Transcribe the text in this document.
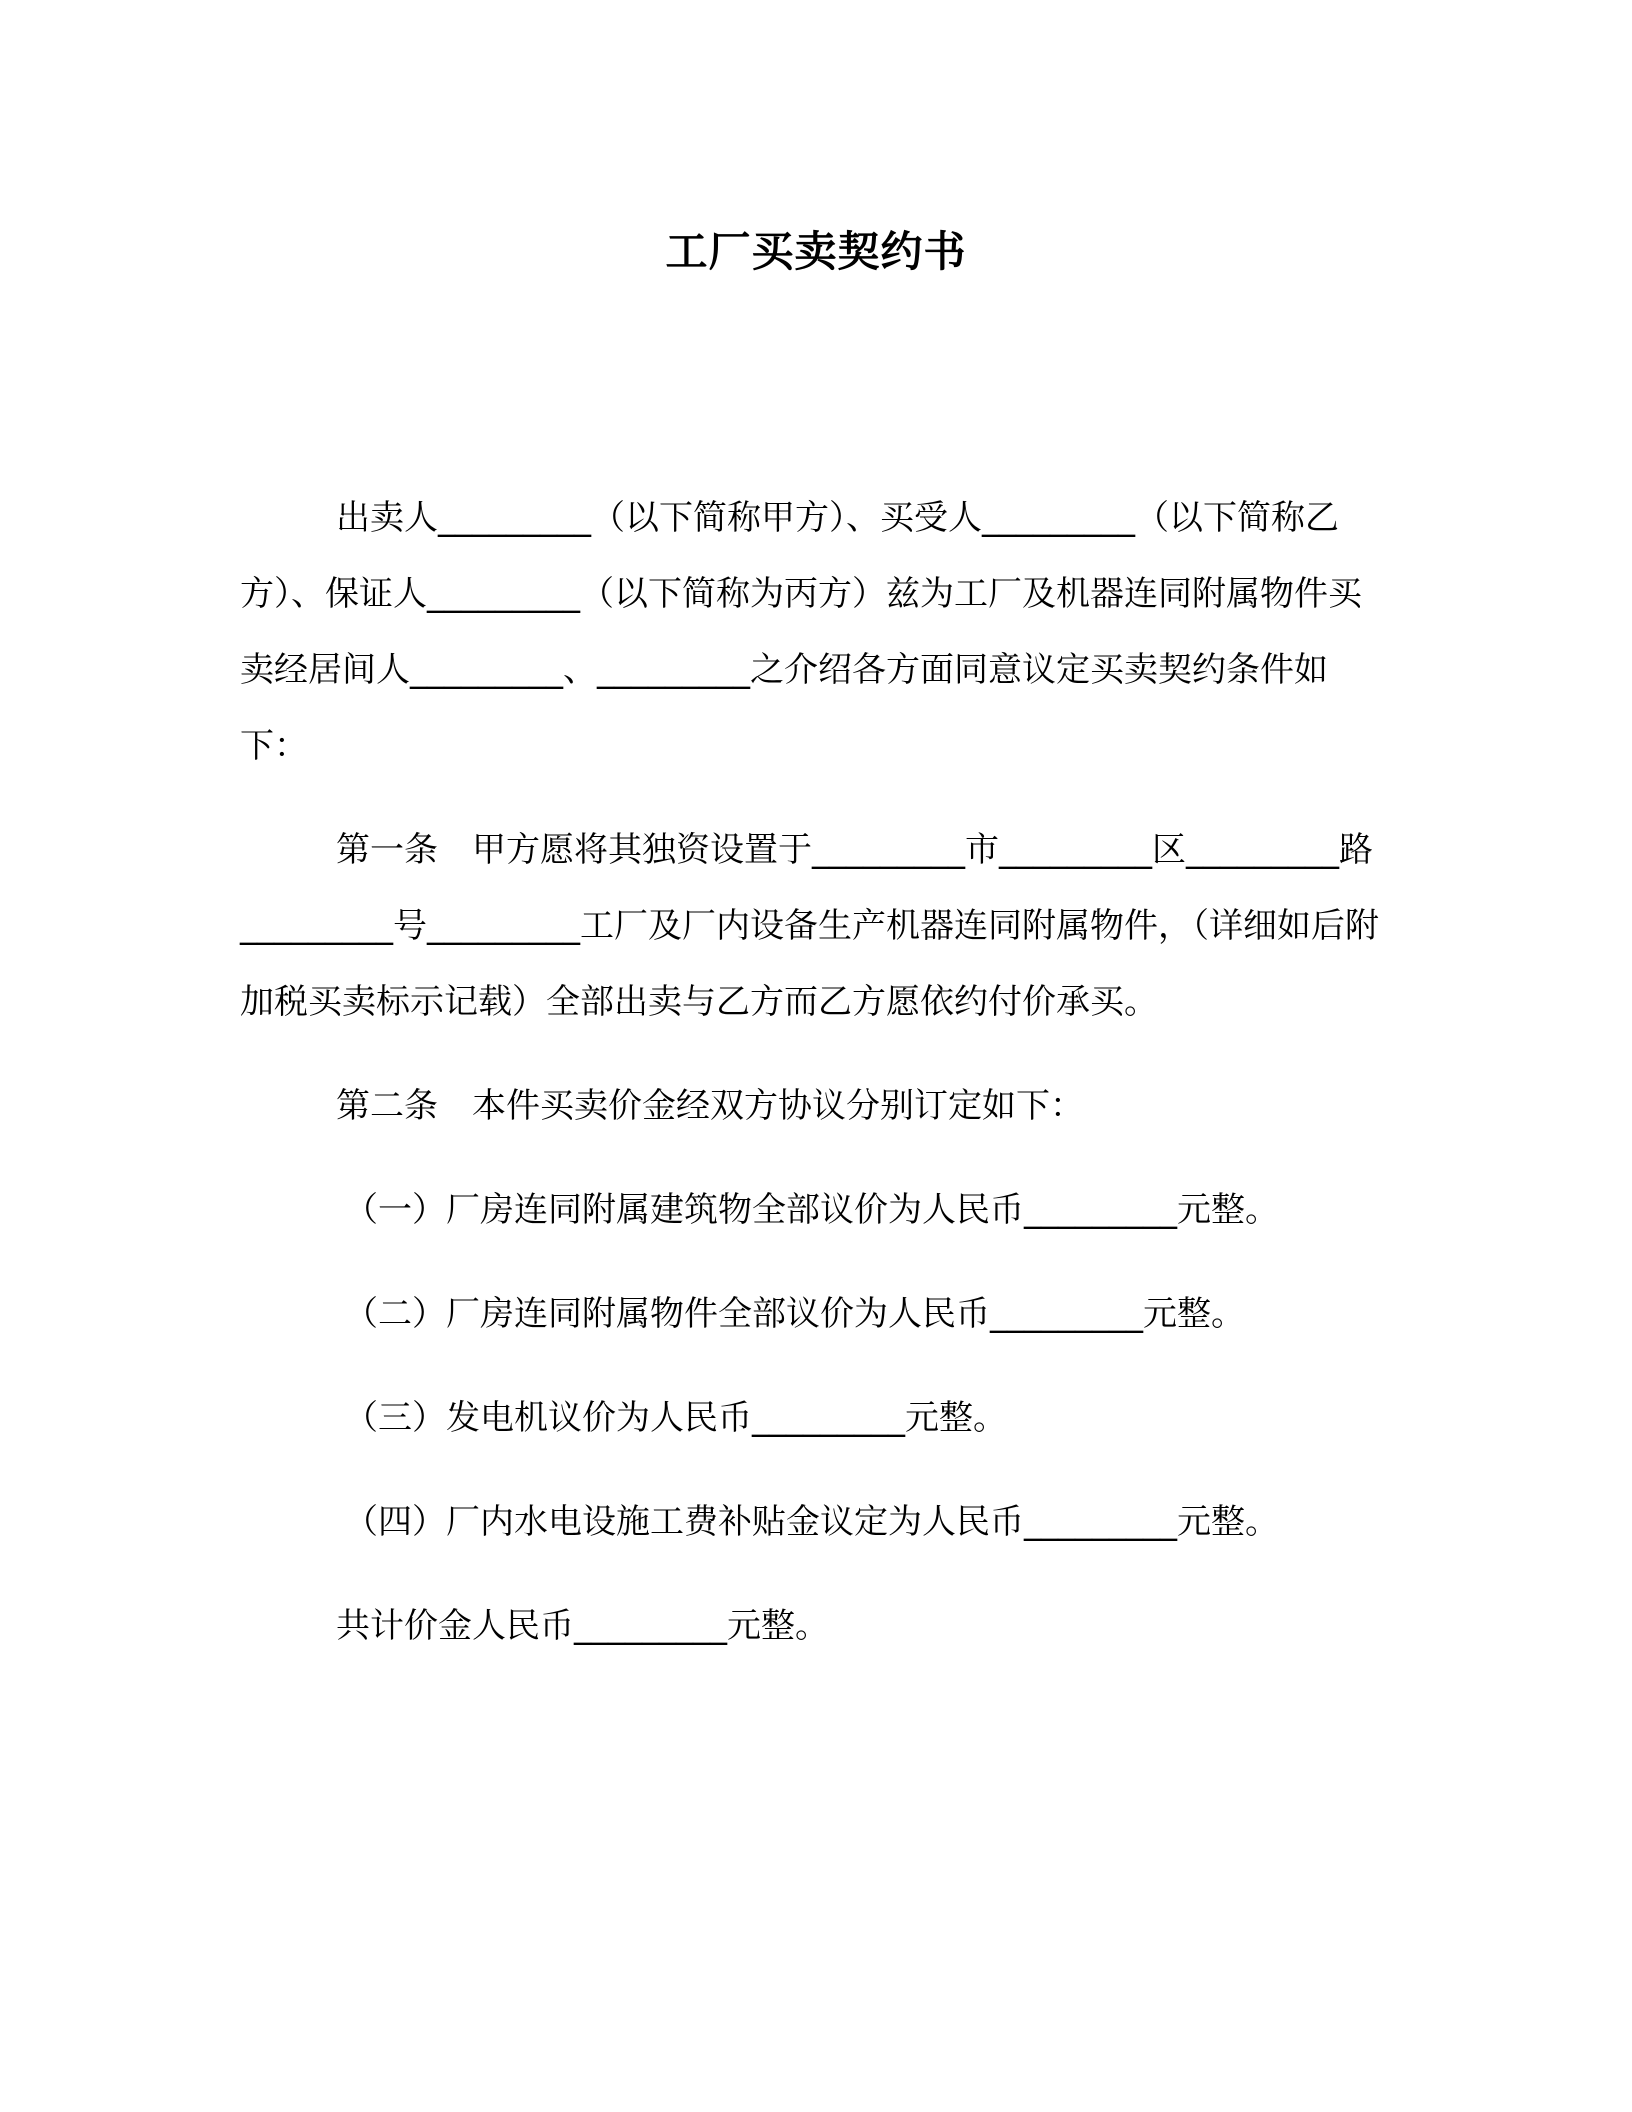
工厂买卖契约书

出卖人_________（以下简称甲方）、买受人_________（以下简称乙方）、保证人_________（以下简称为丙方）兹为工厂及机器连同附属物件买卖经居间人_________、_________之介绍各方面同意议定买卖契约条件如下：

第一条　甲方愿将其独资设置于_________市_________区_________路_________号_________工厂及厂内设备生产机器连同附属物件，（详细如后附加税买卖标示记载）全部出卖与乙方而乙方愿依约付价承买。

第二条　本件买卖价金经双方协议分别订定如下：

（一）厂房连同附属建筑物全部议价为人民币_________元整。

（二）厂房连同附属物件全部议价为人民币_________元整。

（三）发电机议价为人民币_________元整。

（四）厂内水电设施工费补贴金议定为人民币_________元整。

共计价金人民币_________元整。
